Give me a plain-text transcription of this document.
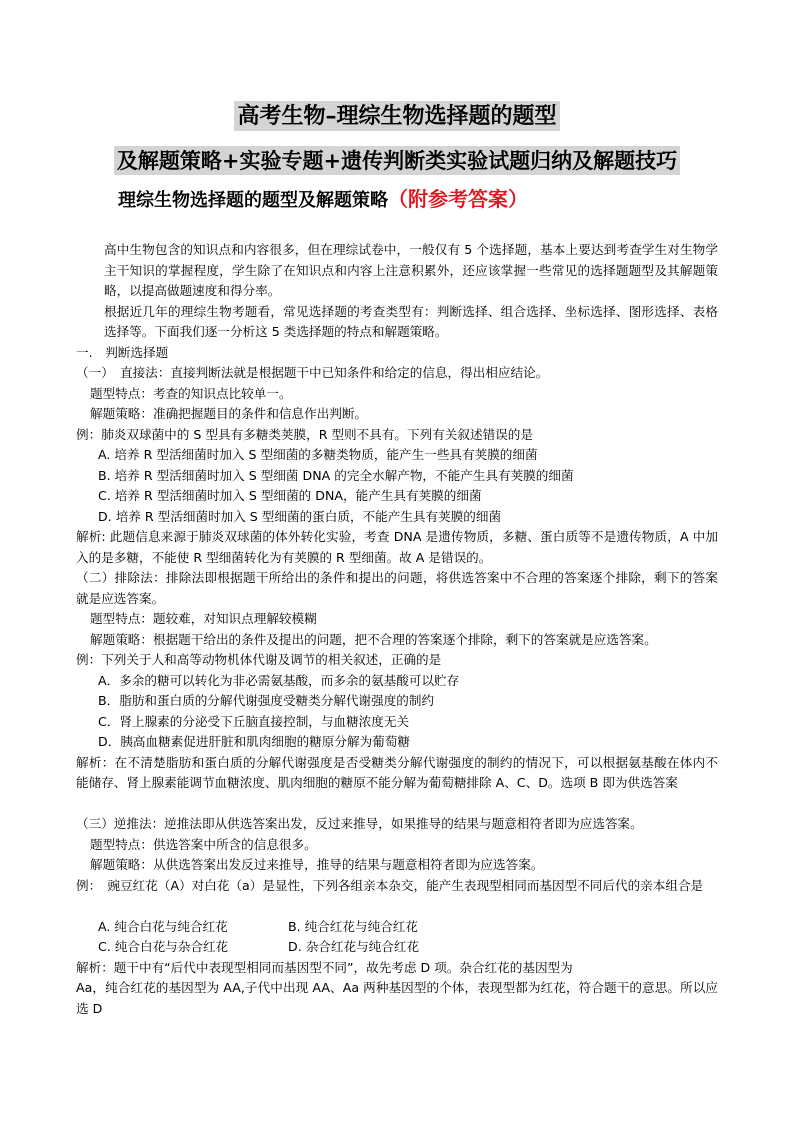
高考生物–理综生物选择题的题型
及解题策略+实验专题+遗传判断类实验试题归纳及解题技巧
理综生物选择题的题型及解题策略（附参考答案）
高中生物包含的知识点和内容很多，但在理综试卷中，一般仅有 5 个选择题，基本上要达到考查学生对生物学主干知识的掌握程度，学生除了在知识点和内容上注意积累外，还应该掌握一些常见的选择题题型及其解题策略，以提高做题速度和得分率。
根据近几年的理综生物考题看，常见选择题的考查类型有：判断选择、组合选择、坐标选择、图形选择、表格选择等。下面我们逐一分析这 5 类选择题的特点和解题策略。
一.　判断选择题
（一）　直接法：直接判断法就是根据题干中已知条件和给定的信息，得出相应结论。
题型特点：考查的知识点比较单一。
解题策略：准确把握题目的条件和信息作出判断。
例：肺炎双球菌中的 S 型具有多糖类荚膜，R 型则不具有。下列有关叙述错误的是
A. 培养 R 型活细菌时加入 S 型细菌的多糖类物质，能产生一些具有荚膜的细菌
B. 培养 R 型活细菌时加入 S 型细菌 DNA 的完全水解产物，不能产生具有荚膜的细菌
C. 培养 R 型活细菌时加入 S 型细菌的 DNA，能产生具有荚膜的细菌
D. 培养 R 型活细菌时加入 S 型细菌的蛋白质，不能产生具有荚膜的细菌
解析: 此题信息来源于肺炎双球菌的体外转化实验，考查 DNA 是遗传物质，多糖、蛋白质等不是遗传物质，A 中加入的是多糖，不能使 R 型细菌转化为有荚膜的 R 型细菌。故 A 是错误的。
（二）排除法：排除法即根据题干所给出的条件和提出的问题，将供选答案中不合理的答案逐个排除，剩下的答案就是应选答案。
题型特点：题较难，对知识点理解较模糊
解题策略：根据题干给出的条件及提出的问题，把不合理的答案逐个排除，剩下的答案就是应选答案。
例：下列关于人和高等动物机体代谢及调节的相关叙述，正确的是
A．多余的糖可以转化为非必需氨基酸，而多余的氨基酸可以贮存
B．脂肪和蛋白质的分解代谢强度受糖类分解代谢强度的制约
C．肾上腺素的分泌受下丘脑直接控制，与血糖浓度无关
D．胰高血糖素促进肝脏和肌肉细胞的糖原分解为葡萄糖
解析：在不清楚脂肪和蛋白质的分解代谢强度是否受糖类分解代谢强度的制约的情况下，可以根据氨基酸在体内不能储存、肾上腺素能调节血糖浓度、肌肉细胞的糖原不能分解为葡萄糖排除 A、C、D。选项 B 即为供选答案
（三）逆推法：逆推法即从供选答案出发，反过来推导，如果推导的结果与题意相符者即为应选答案。
题型特点：供选答案中所含的信息很多。
解题策略：从供选答案出发反过来推导，推导的结果与题意相符者即为应选答案。
例：　豌豆红花（A）对白花（a）是显性，下列各组亲本杂交，能产生表现型相同而基因型不同后代的亲本组合是
A. 纯合白花与纯合红花	B. 纯合红花与纯合红花
C. 纯合白花与杂合红花	D. 杂合红花与纯合红花
解析：题干中有“后代中表现型相同而基因型不同”，故先考虑 D 项。杂合红花的基因型为
Aa，纯合红花的基因型为 AA,子代中出现 AA、Aa 两种基因型的个体，表现型都为红花，符合题干的意思。所以应选 D
